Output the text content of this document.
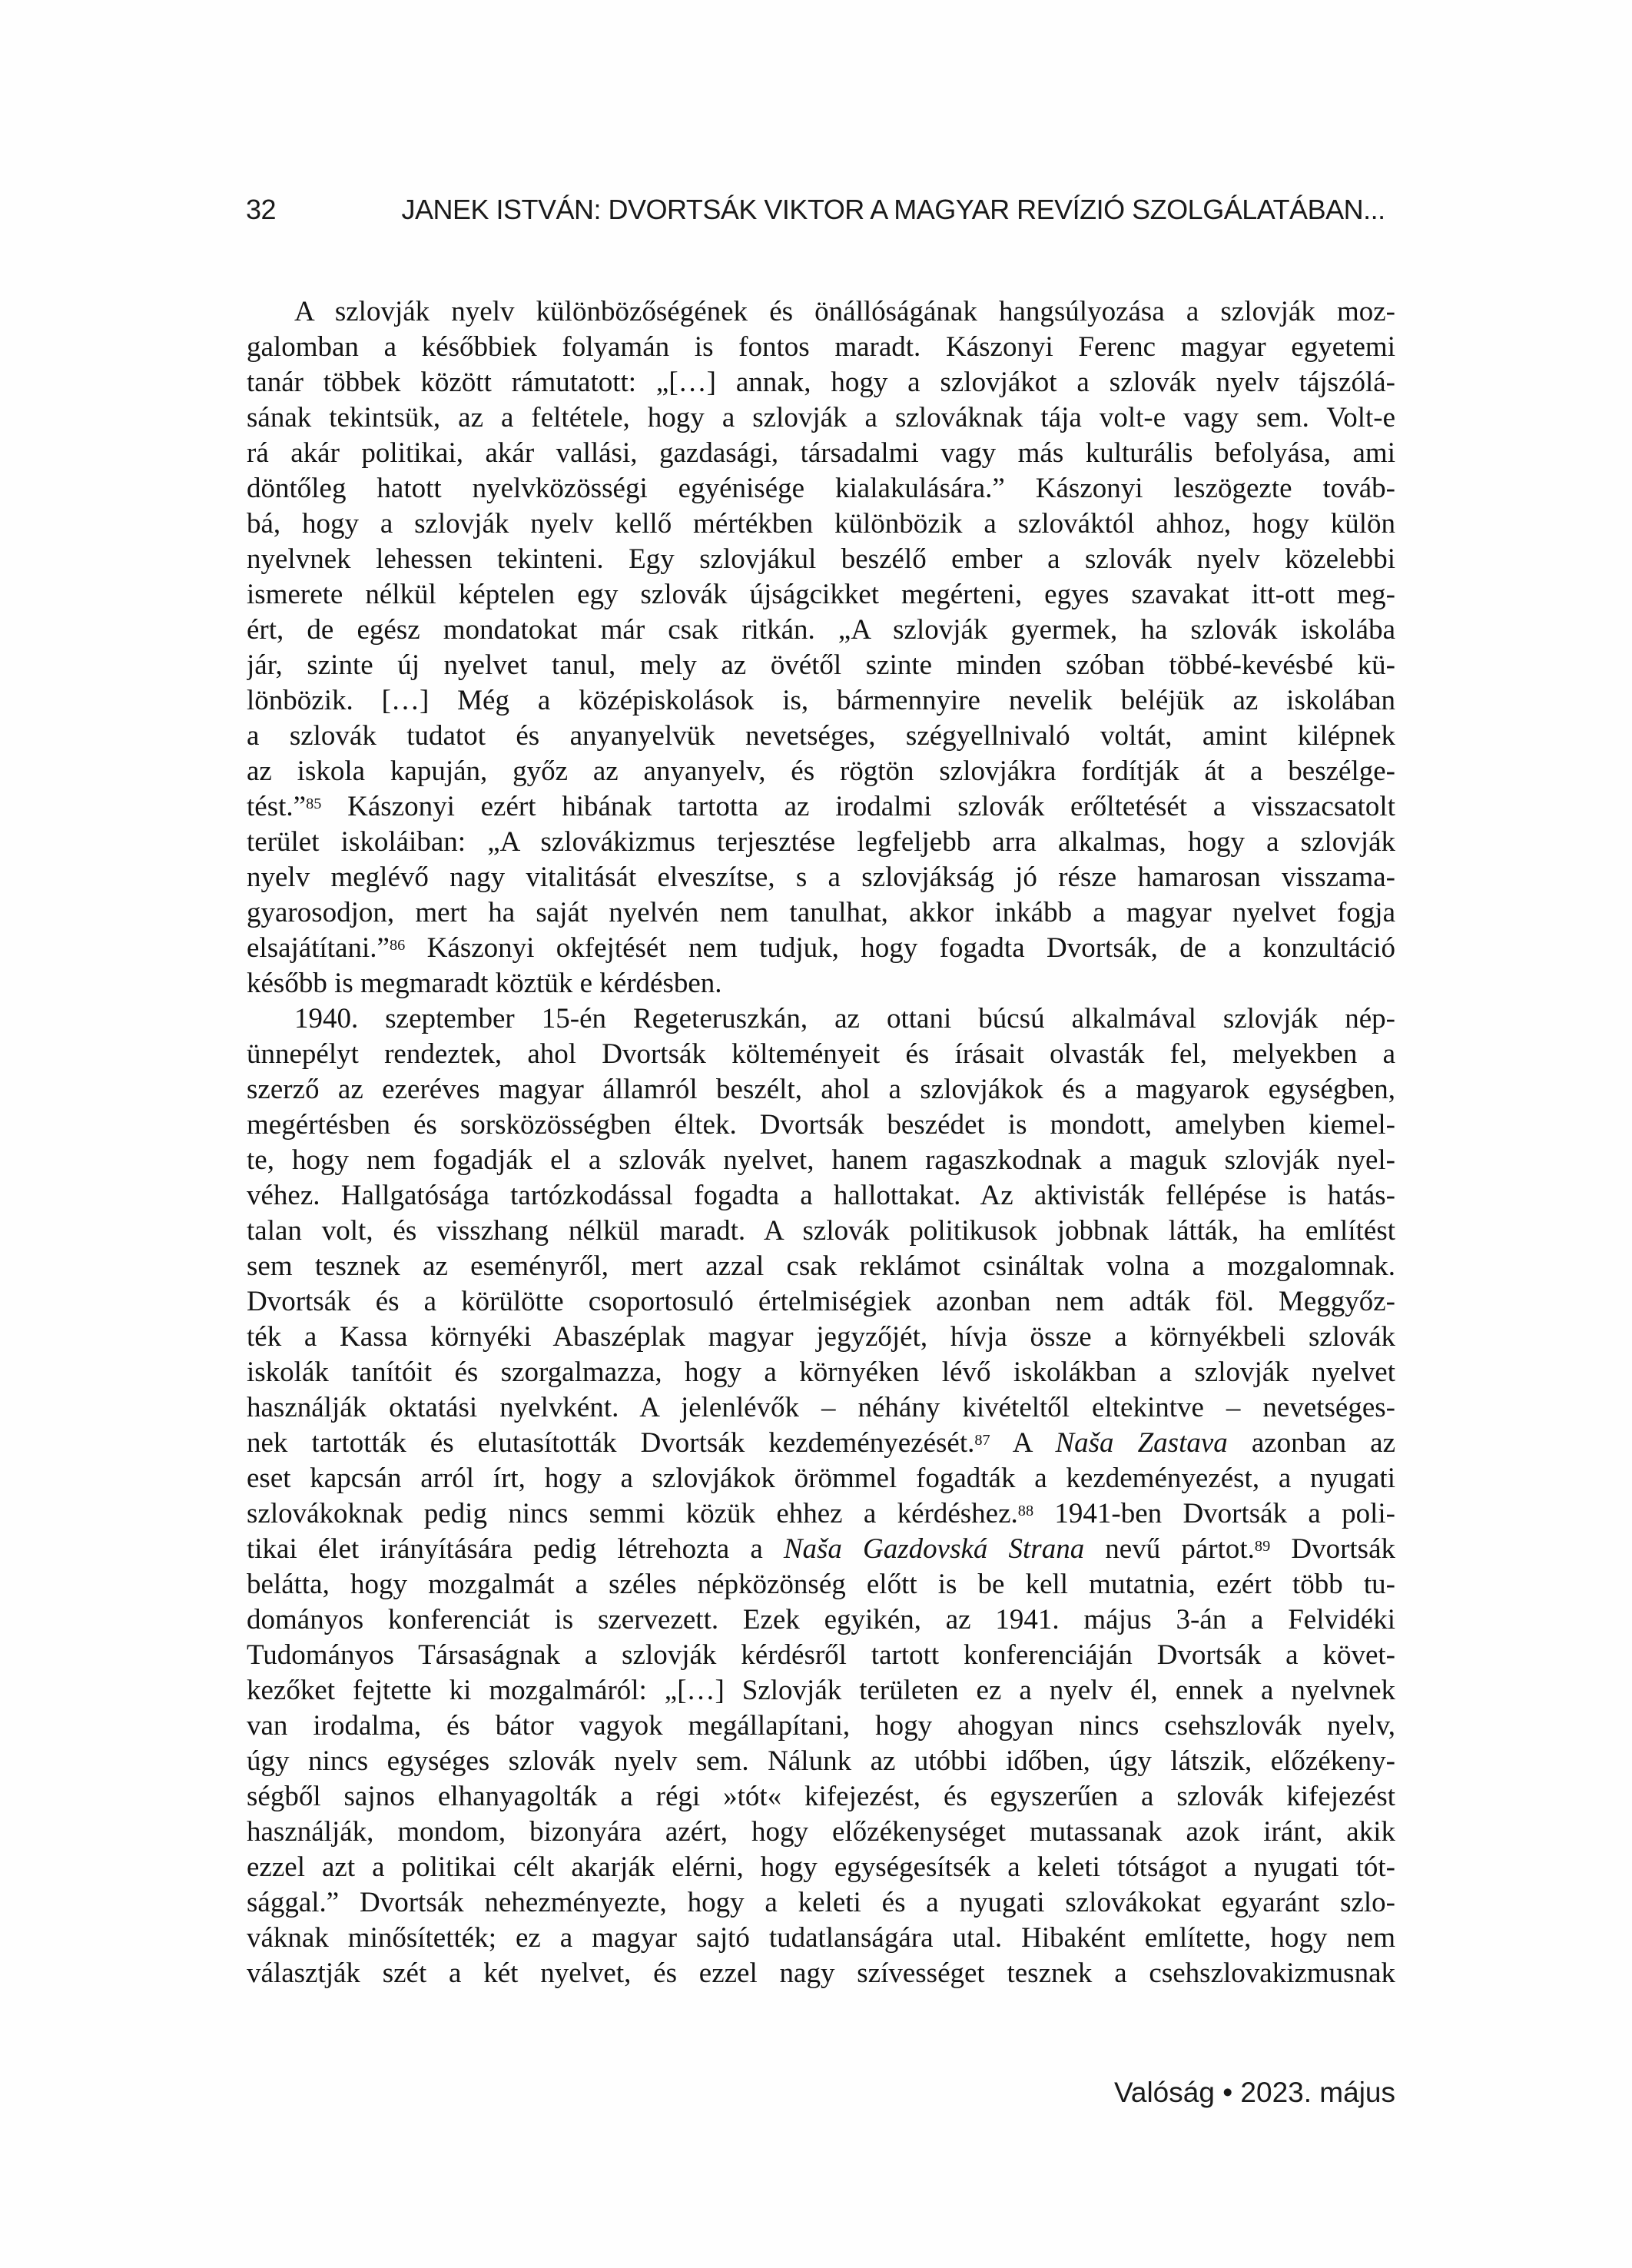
32	JANEK ISTVÁN: DVORTSÁK VIKTOR A MAGYAR REVÍZIÓ SZOLGÁLATÁBAN...
A szlovják nyelv különbözőségének és önállóságának hangsúlyozása a szlovják moz-
galomban a későbbiek folyamán is fontos maradt. Kászonyi Ferenc magyar egyetemi
tanár többek között rámutatott: „[…] annak, hogy a szlovjákot a szlovák nyelv tájszólá-
sának tekintsük, az a feltétele, hogy a szlovják a szlováknak tája volt-e vagy sem. Volt-e
rá akár politikai, akár vallási, gazdasági, társadalmi vagy más kulturális befolyása, ami
döntőleg hatott nyelvközösségi egyénisége kialakulására.” Kászonyi leszögezte továb-
bá, hogy a szlovják nyelv kellő mértékben különbözik a szlováktól ahhoz, hogy külön
nyelvnek lehessen tekinteni. Egy szlovjákul beszélő ember a szlovák nyelv közelebbi
ismerete nélkül képtelen egy szlovák újságcikket megérteni, egyes szavakat itt-ott meg-
ért, de egész mondatokat már csak ritkán. „A szlovják gyermek, ha szlovák iskolába
jár, szinte új nyelvet tanul, mely az övétől szinte minden szóban többé-kevésbé kü-
lönbözik. […] Még a középiskolások is, bármennyire nevelik beléjük az iskolában
a szlovák tudatot és anyanyelvük nevetséges, szégyellnivaló voltát, amint kilépnek
az iskola kapuján, győz az anyanyelv, és rögtön szlovjákra fordítják át a beszélge-
tést.”$^{85}$ Kászonyi ezért hibának tartotta az irodalmi szlovák erőltetését a visszacsatolt
terület iskoláiban: „A szlovákizmus terjesztése legfeljebb arra alkalmas, hogy a szlovják
nyelv meglévő nagy vitalitását elveszítse, s a szlovjákság jó része hamarosan visszama-
gyarosodjon, mert ha saját nyelvén nem tanulhat, akkor inkább a magyar nyelvet fogja
elsajátítani.”$^{86}$ Kászonyi okfejtését nem tudjuk, hogy fogadta Dvortsák, de a konzultáció
később is megmaradt köztük e kérdésben.
1940. szeptember 15-én Regeteruszkán, az ottani búcsú alkalmával szlovják nép-
ünnepélyt rendeztek, ahol Dvortsák költeményeit és írásait olvasták fel, melyekben a
szerző az ezeréves magyar államról beszélt, ahol a szlovjákok és a magyarok egységben,
megértésben és sorsközösségben éltek. Dvortsák beszédet is mondott, amelyben kiemel-
te, hogy nem fogadják el a szlovák nyelvet, hanem ragaszkodnak a maguk szlovják nyel-
véhez. Hallgatósága tartózkodással fogadta a hallottakat. Az aktivisták fellépése is hatás-
talan volt, és visszhang nélkül maradt. A szlovák politikusok jobbnak látták, ha említést
sem tesznek az eseményről, mert azzal csak reklámot csináltak volna a mozgalomnak.
Dvortsák és a körülötte csoportosuló értelmiségiek azonban nem adták föl. Meggyőz-
ték a Kassa környéki Abaszéplak magyar jegyzőjét, hívja össze a környékbeli szlovák
iskolák tanítóit és szorgalmazza, hogy a környéken lévő iskolákban a szlovják nyelvet
használják oktatási nyelvként. A jelenlévők – néhány kivételtől eltekintve – nevetséges-
nek tartották és elutasították Dvortsák kezdeményezését.$^{87}$ A Naša Zastava azonban az
eset kapcsán arról írt, hogy a szlovjákok örömmel fogadták a kezdeményezést, a nyugati
szlovákoknak pedig nincs semmi közük ehhez a kérdéshez.$^{88}$ 1941-ben Dvortsák a poli-
tikai élet irányítására pedig létrehozta a Naša Gazdovská Strana nevű pártot.$^{89}$ Dvortsák
belátta, hogy mozgalmát a széles népközönség előtt is be kell mutatnia, ezért több tu-
dományos konferenciát is szervezett. Ezek egyikén, az 1941. május 3-án a Felvidéki
Tudományos Társaságnak a szlovják kérdésről tartott konferenciáján Dvortsák a követ-
kezőket fejtette ki mozgalmáról: „[…] Szlovják területen ez a nyelv él, ennek a nyelvnek
van irodalma, és bátor vagyok megállapítani, hogy ahogyan nincs csehszlovák nyelv,
úgy nincs egységes szlovák nyelv sem. Nálunk az utóbbi időben, úgy látszik, előzékeny-
ségből sajnos elhanyagolták a régi »tót« kifejezést, és egyszerűen a szlovák kifejezést
használják, mondom, bizonyára azért, hogy előzékenységet mutassanak azok iránt, akik
ezzel azt a politikai célt akarják elérni, hogy egységesítsék a keleti tótságot a nyugati tót-
sággal.” Dvortsák nehezményezte, hogy a keleti és a nyugati szlovákokat egyaránt szlo-
váknak minősítették; ez a magyar sajtó tudatlanságára utal. Hibaként említette, hogy nem
választják szét a két nyelvet, és ezzel nagy szívességet tesznek a csehszlovakizmusnak
Valóság • 2023. május
